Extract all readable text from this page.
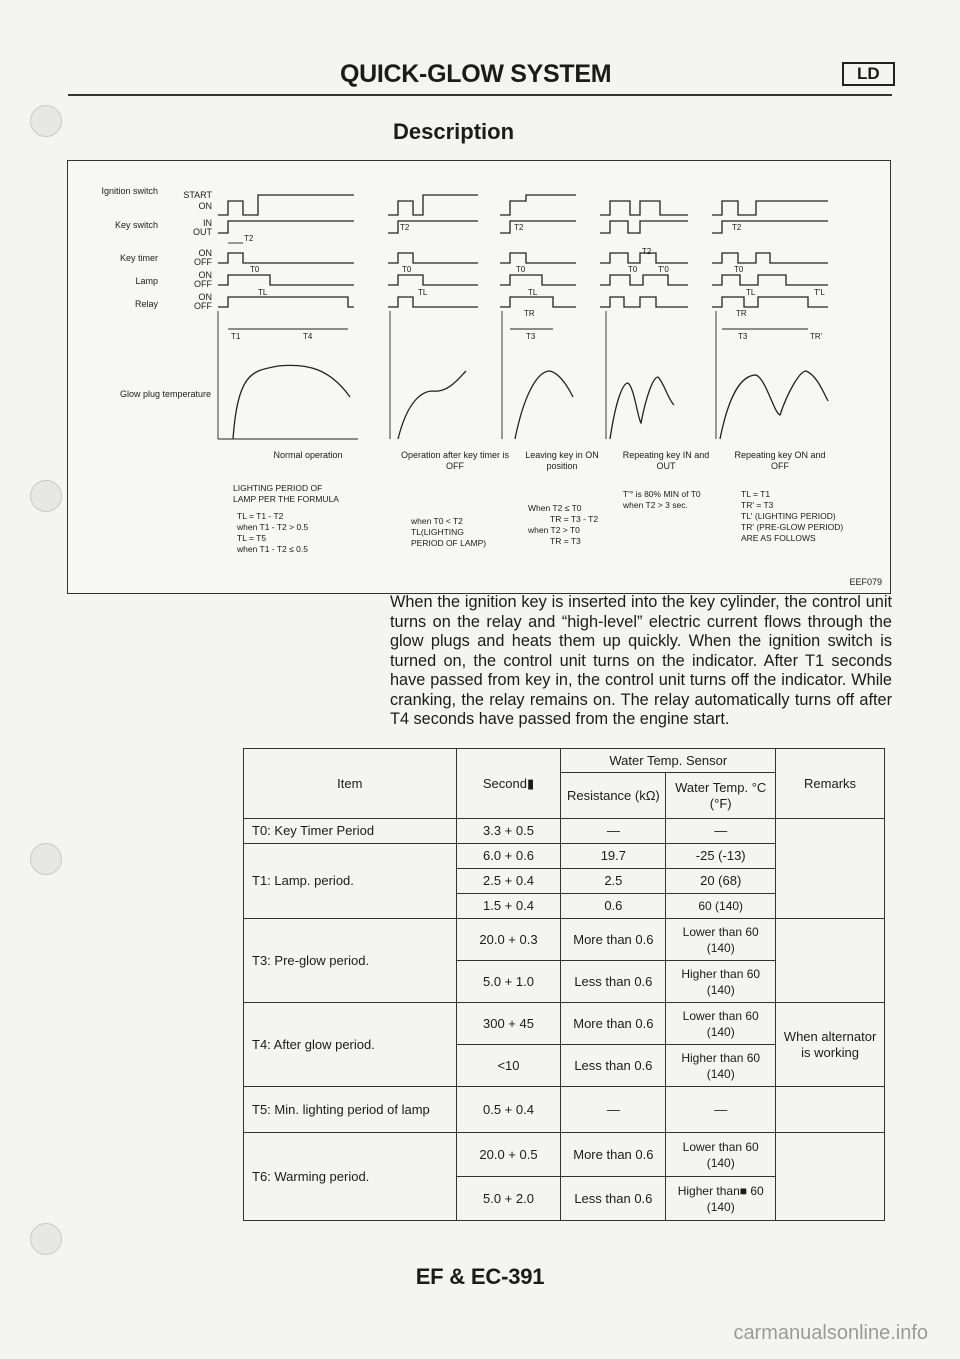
QUICK-GLOW SYSTEM	LD
Description
Ignition switch
Key switch
Key timer
Lamp
Relay
Glow plug temperature
START
ON
IN
OUT
ON
OFF
ON
OFF
ON
OFF
T2
T0
TL
T1	T4
T2
T0
TL
T2
T0
TL
TR
T3
T2
T0	T'0
T2
T0
TL	T'L
TR
T3	TR'
Normal operation	Operation after key timer is OFF
Leaving key in ON position
Repeating key IN and OUT
Repeating key ON and OFF
LIGHTING PERIOD OF
LAMP PER THE FORMULA
TL = T1 - T2
when T1 - T2 > 0.5
TL = T5
when T1 - T2 ≤ 0.5
when T0 < T2
TL(LIGHTING
PERIOD OF LAMP)
When T2 ≤ T0
TR = T3 - T2
when T2 > T0
TR = T3
T'° is 80% MIN of T0
when T2 > 3 sec.
TL = T1
TR' = T3
TL' (LIGHTING PERIOD)
TR' (PRE-GLOW PERIOD)
ARE AS FOLLOWS
EEF079

When the ignition key is inserted into the key cylinder, the control unit turns on the relay and “high-level” electric current flows through the glow plugs and heats them up quickly. When the ignition switch is turned on, the control unit turns on the indicator. After T1 seconds have passed from key in, the control unit turns off the indicator. While cranking, the relay remains on. The relay automatically turns off after T4 seconds have passed from the engine start.

Item	Second▮	Water Temp. Sensor		Remarks
		Resistance (kΩ)	Water Temp. °C (°F)	
T0: Key Timer Period	3.3 + 0.5	—	—	
T1: Lamp. period.	6.0 + 0.6	19.7	-25 (-13)	
	2.5 + 0.4	2.5	20 (68)	
	1.5 + 0.4	0.6	60 (140)	
T3: Pre-glow period.	20.0 + 0.3	More than 0.6	Lower than 60 (140)	
	5.0 + 1.0	Less than 0.6	Higher than 60 (140)	
T4: After glow period.	300 + 45	More than 0.6	Lower than 60 (140)	When alternator is working
	<10	Less than 0.6	Higher than 60 (140)	
T5: Min. lighting period of lamp	0.5 + 0.4	—	—	
T6: Warming period.	20.0 + 0.5	More than 0.6	Lower than 60 (140)	
	5.0 + 2.0	Less than 0.6	Higher than■ 60 (140)	
EF & EC-391
carmanualsonline.info
